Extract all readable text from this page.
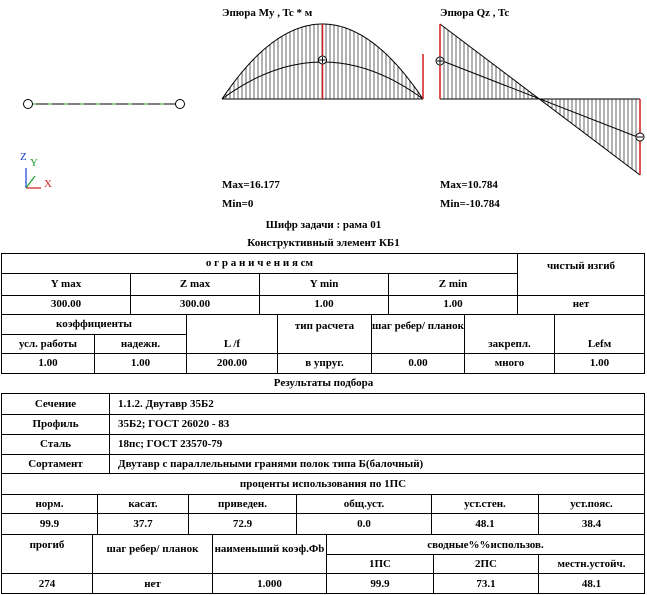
Z Y
X
Эпюра My , Tc * м	Эпюра Qz , Tc
Max=16.177
Min=0
Max=10.784
Min=-10.784
Шифр задачи : рама 01
Конструктивный элемент КБ1
о г р а н и ч е н и я см	чистый изгиб
Y max	Z max	Y min	Z min
300.00	300.00	1.00	1.00	нет
коэффициенты
усл. работы	надежн.	L /f
тип расчета	шаг ребер/ планок
закрепл.	Lefм
1.00	1.00	200.00	в упруг.	0.00	много	1.00
Результаты подбора
Сечение	1.1.2. Двутавр 35Б2
Профиль	35Б2; ГОСТ 26020 - 83
Сталь	18пс; ГОСТ 23570-79
Сортамент	Двутавр с параллельными гранями полок типа Б(балочный)
проценты использования по 1ПС
норм.	касат.	приведен.	общ.уст.	уст.стен.	уст.пояс.
99.9	37.7	72.9	0.0	48.1	38.4
прогиб	шаг ребер/ планок	наименьший коэф.Фb	сводные%%использов.
1ПС	2ПС	местн.устойч.
274	нет	1.000	99.9	73.1	48.1
